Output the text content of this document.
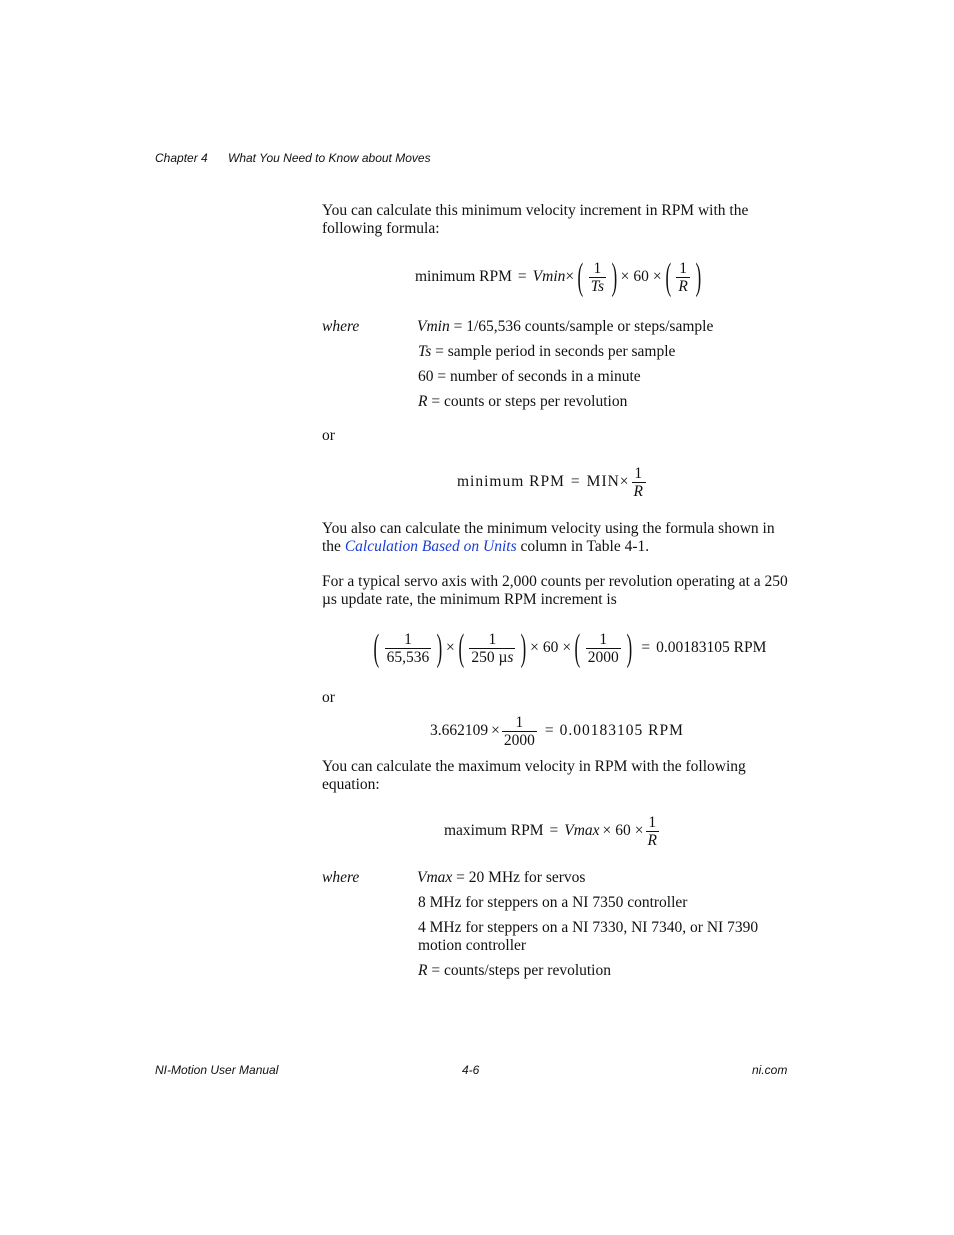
Chapter 4 What You Need to Know about Moves
You can calculate this minimum velocity increment in RPM with the following formula:
minimum RPM = Vmin × ( $\frac{1}{Ts}$ ) × 60 × ( $\frac{1}{R}$ )
where	Vmin = 1/65,536 counts/sample or steps/sample
Ts = sample period in seconds per sample
60 = number of seconds in a minute
R = counts or steps per revolution
or
minimum RPM = MIN × $\frac{1}{R}$
You also can calculate the minimum velocity using the formula shown in the Calculation Based on Units column in Table 4-1.
For a typical servo axis with 2,000 counts per revolution operating at a 250 µs update rate, the minimum RPM increment is
( $\frac{1}{65,536}$ ) × ( $\frac{1}{\text{250 µs}}$ ) × 60 × ( $\frac{1}{2000}$ ) = 0.00183105 RPM
or
$3.662109 \times \frac{1}{2000} = 0.00183105$ RPM
You can calculate the maximum velocity in RPM with the following equation:
maximum RPM = $Vmax \times 60 \times \frac{1}{R}$
where	Vmax = 20 MHz for servos
8 MHz for steppers on a NI 7350 controller
4 MHz for steppers on a NI 7330, NI 7340, or NI 7390
motion controller
R = counts/steps per revolution
NI-Motion User Manual	4-6	ni.com
